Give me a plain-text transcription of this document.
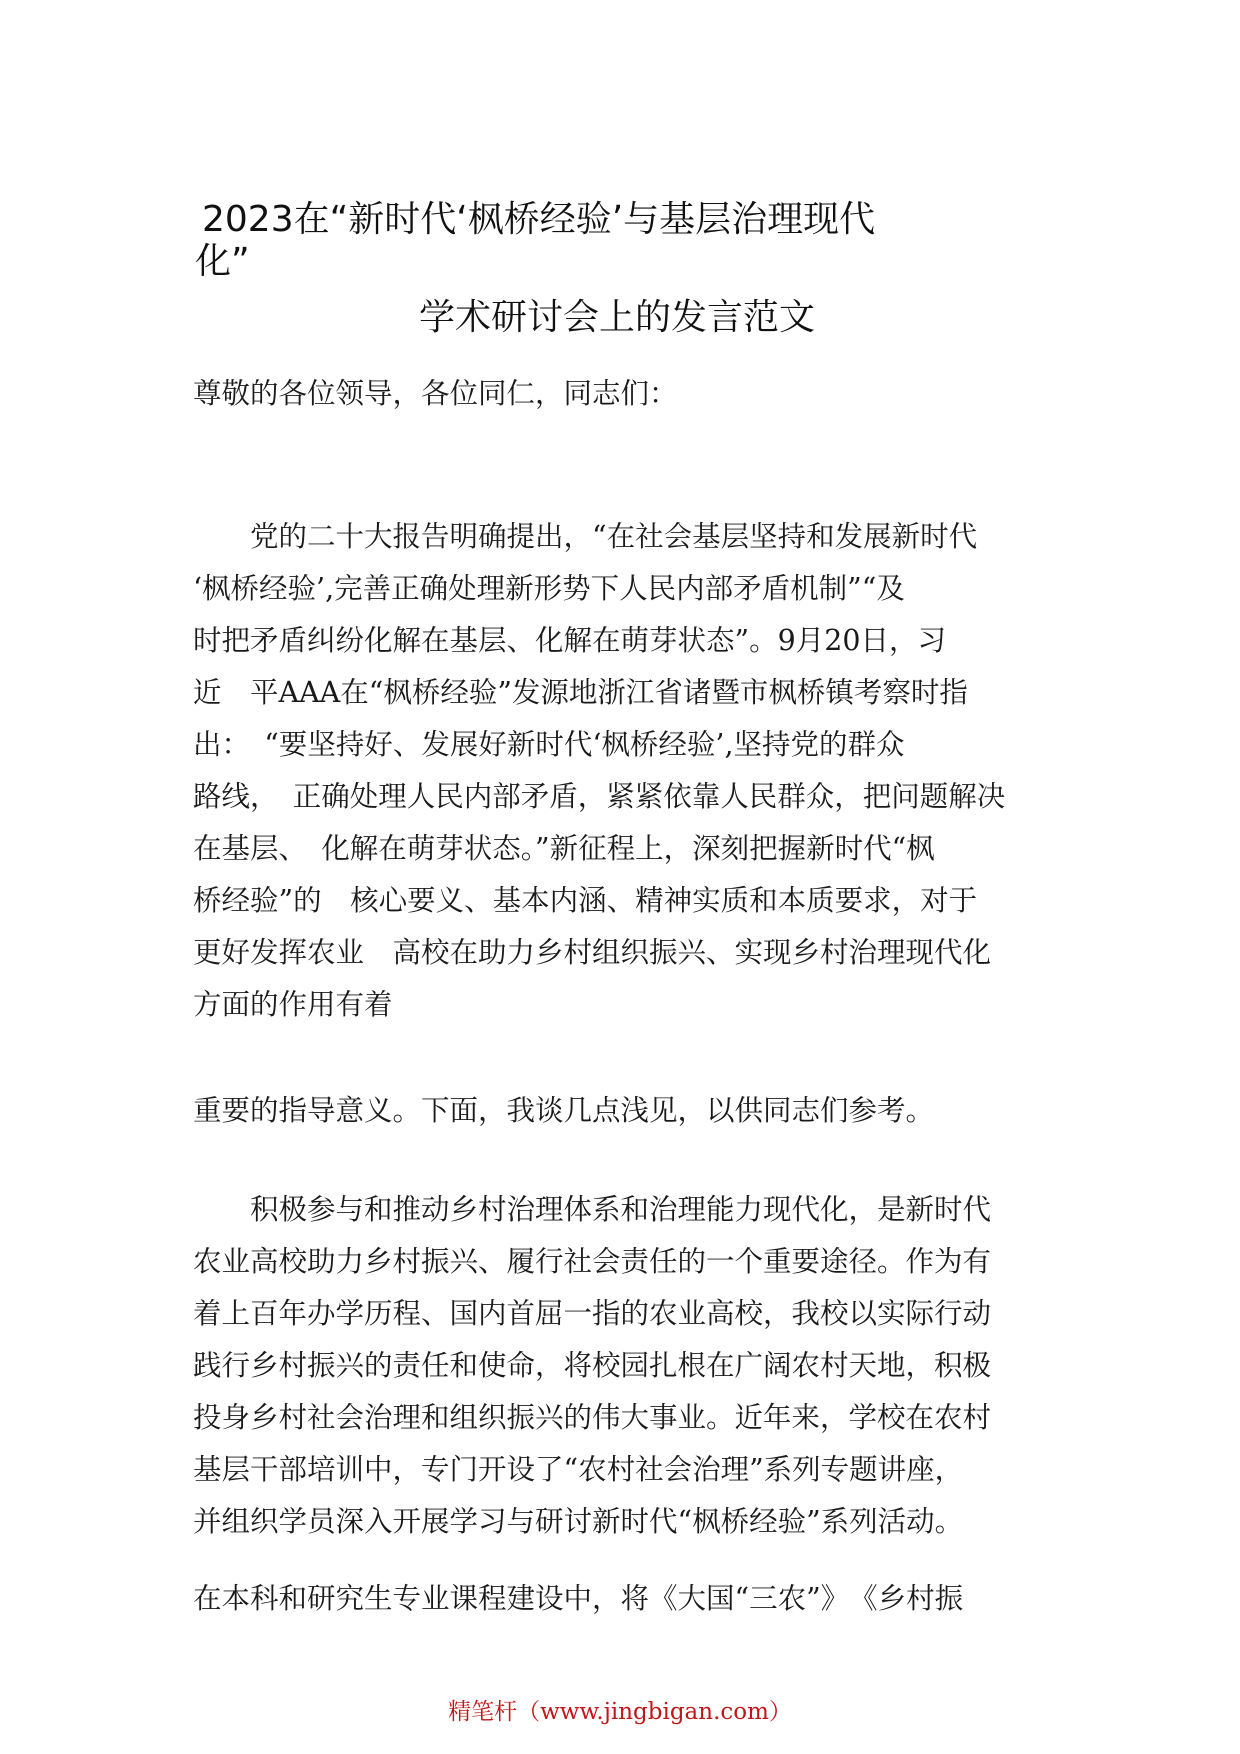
2023在“新时代‘枫桥经验’与基层治理现代
化”
学术研讨会上的发言范文
尊敬的各位领导，各位同仁，同志们：
　　党的二十大报告明确提出，“在社会基层坚持和发展新时代
‘枫桥经验’,完善正确处理新形势下人民内部矛盾机制”“及
时把矛盾纠纷化解在基层、化解在萌芽状态”。9月20日，习
近　平AAA在“枫桥经验”发源地浙江省诸暨市枫桥镇考察时指
出：　“要坚持好、发展好新时代‘枫桥经验’,坚持党的群众
路线，　正确处理人民内部矛盾，紧紧依靠人民群众，把问题解决
在基层、　化解在萌芽状态。”新征程上，深刻把握新时代“枫
桥经验”的　核心要义、基本内涵、精神实质和本质要求，对于
更好发挥农业　高校在助力乡村组织振兴、实现乡村治理现代化
方面的作用有着
重要的指导意义。下面，我谈几点浅见，以供同志们参考。
　　积极参与和推动乡村治理体系和治理能力现代化，是新时代
农业高校助力乡村振兴、履行社会责任的一个重要途径。作为有
着上百年办学历程、国内首屈一指的农业高校，我校以实际行动
践行乡村振兴的责任和使命，将校园扎根在广阔农村天地，积极
投身乡村社会治理和组织振兴的伟大事业。近年来，学校在农村
基层干部培训中，专门开设了“农村社会治理”系列专题讲座，
并组织学员深入开展学习与研讨新时代“枫桥经验”系列活动。
在本科和研究生专业课程建设中，将《大国“三农”》　《乡村振
精笔杆（www.jingbigan.com）
